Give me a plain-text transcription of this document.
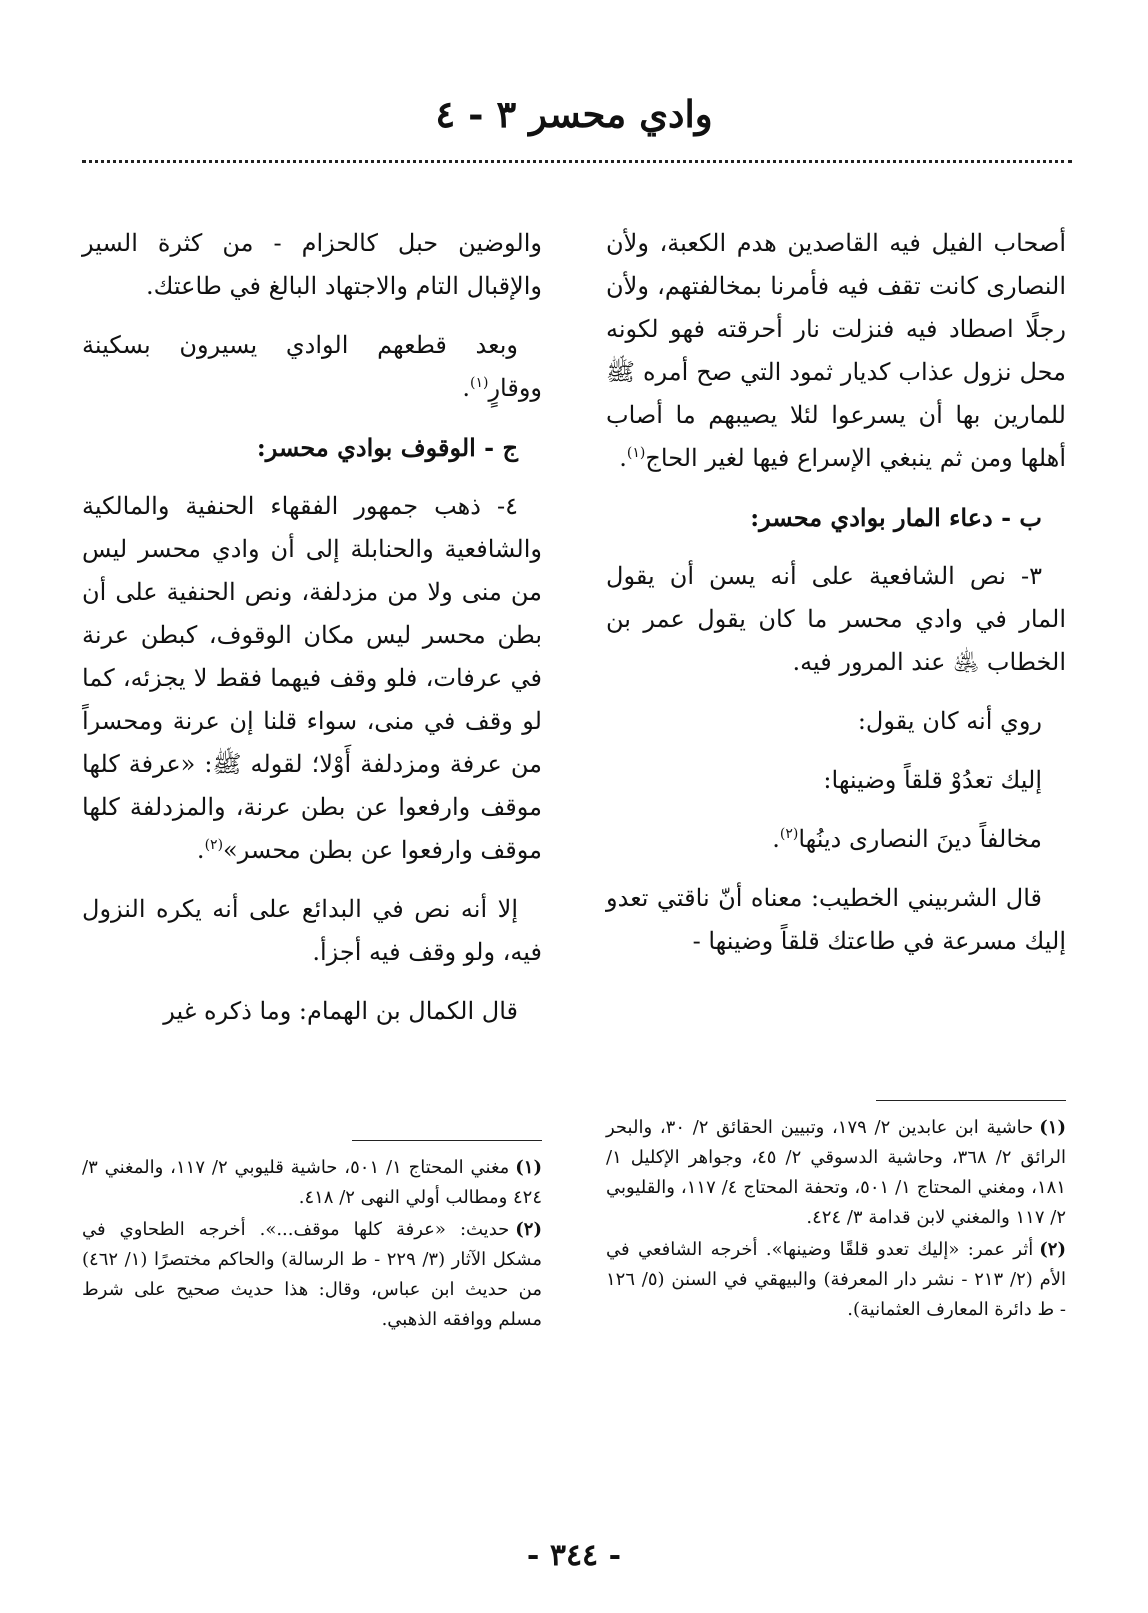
وادي محسر ٣ - ٤

أصحاب الفيل فيه القاصدين هدم الكعبة، ولأن النصارى كانت تقف فيه فأمرنا بمخالفتهم، ولأن رجلًا اصطاد فيه فنزلت نار أحرقته فهو لكونه محل نزول عذاب كديار ثمود التي صح أمره ﷺ للمارين بها أن يسرعوا لئلا يصيبهم ما أصاب أهلها ومن ثم ينبغي الإسراع فيها لغير الحاج$^{(١)}$.

ب - دعاء المار بوادي محسر:

٣- نص الشافعية على أنه يسن أن يقول المار في وادي محسر ما كان يقول عمر بن الخطاب ﵁ عند المرور فيه.

روي أنه كان يقول:

إليك تعدُوْ قلقاً وضينها:

مخالفاً دينَ النصارى دينُها$^{(٢)}$.

قال الشربيني الخطيب: معناه أنّ ناقتي تعدو إليك مسرعة في طاعتك قلقاً وضينها -

والوضين حبل كالحزام - من كثرة السير والإقبال التام والاجتهاد البالغ في طاعتك.

وبعد قطعهم الوادي يسيرون بسكينة ووقارٍ$^{(١)}$.

ج - الوقوف بوادي محسر:

٤- ذهب جمهور الفقهاء الحنفية والمالكية والشافعية والحنابلة إلى أن وادي محسر ليس من منى ولا من مزدلفة، ونص الحنفية على أن بطن محسر ليس مكان الوقوف، كبطن عرنة في عرفات، فلو وقف فيهما فقط لا يجزئه، كما لو وقف في منى، سواء قلنا إن عرنة ومحسراً من عرفة ومزدلفة أَوْلا؛ لقوله ﷺ: «عرفة كلها موقف وارفعوا عن بطن عرنة، والمزدلفة كلها موقف وارفعوا عن بطن محسر»$^{(٢)}$.

إلا أنه نص في البدائع على أنه يكره النزول فيه، ولو وقف فيه أجزأ.

قال الكمال بن الهمام: وما ذكره غير

(١)حاشية ابن عابدين ٢/ ١٧٩، وتبيين الحقائق ٢/ ٣٠، والبحر الرائق ٢/ ٣٦٨، وحاشية الدسوقي ٢/ ٤٥، وجواهر الإكليل ١/ ١٨١، ومغني المحتاج ١/ ٥٠١، وتحفة المحتاج ٤/ ١١٧، والقليوبي ٢/ ١١٧ والمغني لابن قدامة ٣/ ٤٢٤.

(٢)أثر عمر: «إليك تعدو قلقًا وضينها». أخرجه الشافعي في الأم (٢/ ٢١٣ - نشر دار المعرفة) والبيهقي في السنن (٥/ ١٢٦ - ط دائرة المعارف العثمانية).

(١)مغني المحتاج ١/ ٥٠١، حاشية قليوبي ٢/ ١١٧، والمغني ٣/ ٤٢٤ ومطالب أولي النهى ٢/ ٤١٨.

(٢)حديث: «عرفة كلها موقف...». أخرجه الطحاوي في مشكل الآثار (٣/ ٢٢٩ - ط الرسالة) والحاكم مختصرًا (١/ ٤٦٢) من حديث ابن عباس، وقال: هذا حديث صحيح على شرط مسلم ووافقه الذهبي.

- ٣٤٤ -
